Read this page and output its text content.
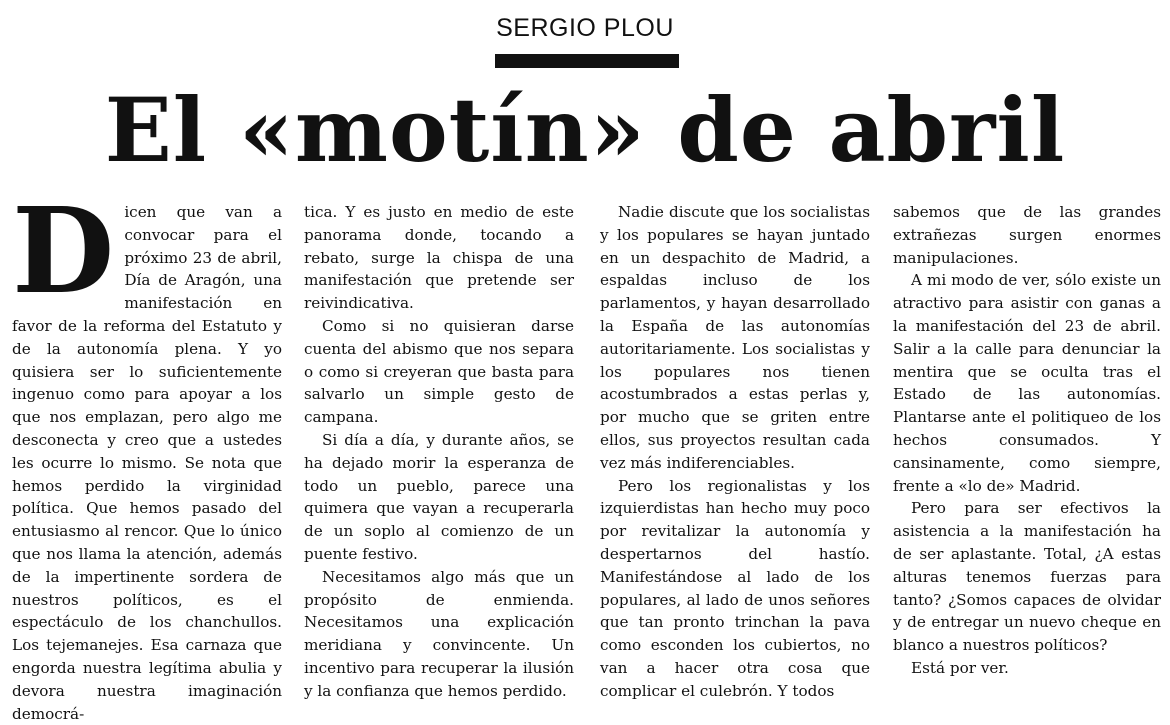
SERGIO PLOU
El «motín» de abril
D icen que van a convocar para el próximo 23 de abril, Día de Aragón, una manifestación en favor de la reforma del Estatuto y de la autonomía plena. Y yo quisiera ser lo suficientemente ingenuo como para apoyar a los que nos emplazan, pero algo me desconecta y creo que a ustedes les ocurre lo mismo. Se nota que hemos perdido la virginidad política. Que hemos pasado del entusiasmo al rencor. Que lo único que nos llama la atención, además de la impertinente sordera de nuestros políticos, es el espectáculo de los chanchullos. Los tejemanejes. Esa carnaza que engorda nuestra legítima abulia y devora nuestra imaginación democrá-

tica. Y es justo en medio de este panorama donde, tocando a rebato, surge la chispa de una manifestación que pretende ser reivindicativa.

Como si no quisieran darse cuenta del abismo que nos separa o como si creyeran que basta para salvarlo un simple gesto de campana.

Si día a día, y durante años, se ha dejado morir la esperanza de todo un pueblo, parece una quimera que vayan a recuperarla de un soplo al comienzo de un puente festivo.

Necesitamos algo más que un propósito de enmienda. Necesitamos una explicación meridiana y convincente. Un incentivo para recuperar la ilusión y la confianza que hemos perdido.

Nadie discute que los socialistas y los populares se hayan juntado en un despachito de Madrid, a espaldas incluso de los parlamentos, y hayan desarrollado la España de las autonomías autoritariamente. Los socialistas y los populares nos tienen acostumbrados a estas perlas y, por mucho que se griten entre ellos, sus proyectos resultan cada vez más indiferenciables.

Pero los regionalistas y los izquierdistas han hecho muy poco por revitalizar la autonomía y despertarnos del hastío. Manifestándose al lado de los populares, al lado de unos señores que tan pronto trinchan la pava como esconden los cubiertos, no van a hacer otra cosa que complicar el culebrón. Y todos

sabemos que de las grandes extrañezas surgen enormes manipulaciones.

A mi modo de ver, sólo existe un atractivo para asistir con ganas a la manifestación del 23 de abril. Salir a la calle para denunciar la mentira que se oculta tras el Estado de las autonomías. Plantarse ante el politiqueo de los hechos consumados. Y cansinamente, como siempre, frente a «lo de» Madrid.

Pero para ser efectivos la asistencia a la manifestación ha de ser aplastante. Total, ¿A estas alturas tenemos fuerzas para tanto? ¿Somos capaces de olvidar y de entregar un nuevo cheque en blanco a nuestros políticos?

Está por ver.
